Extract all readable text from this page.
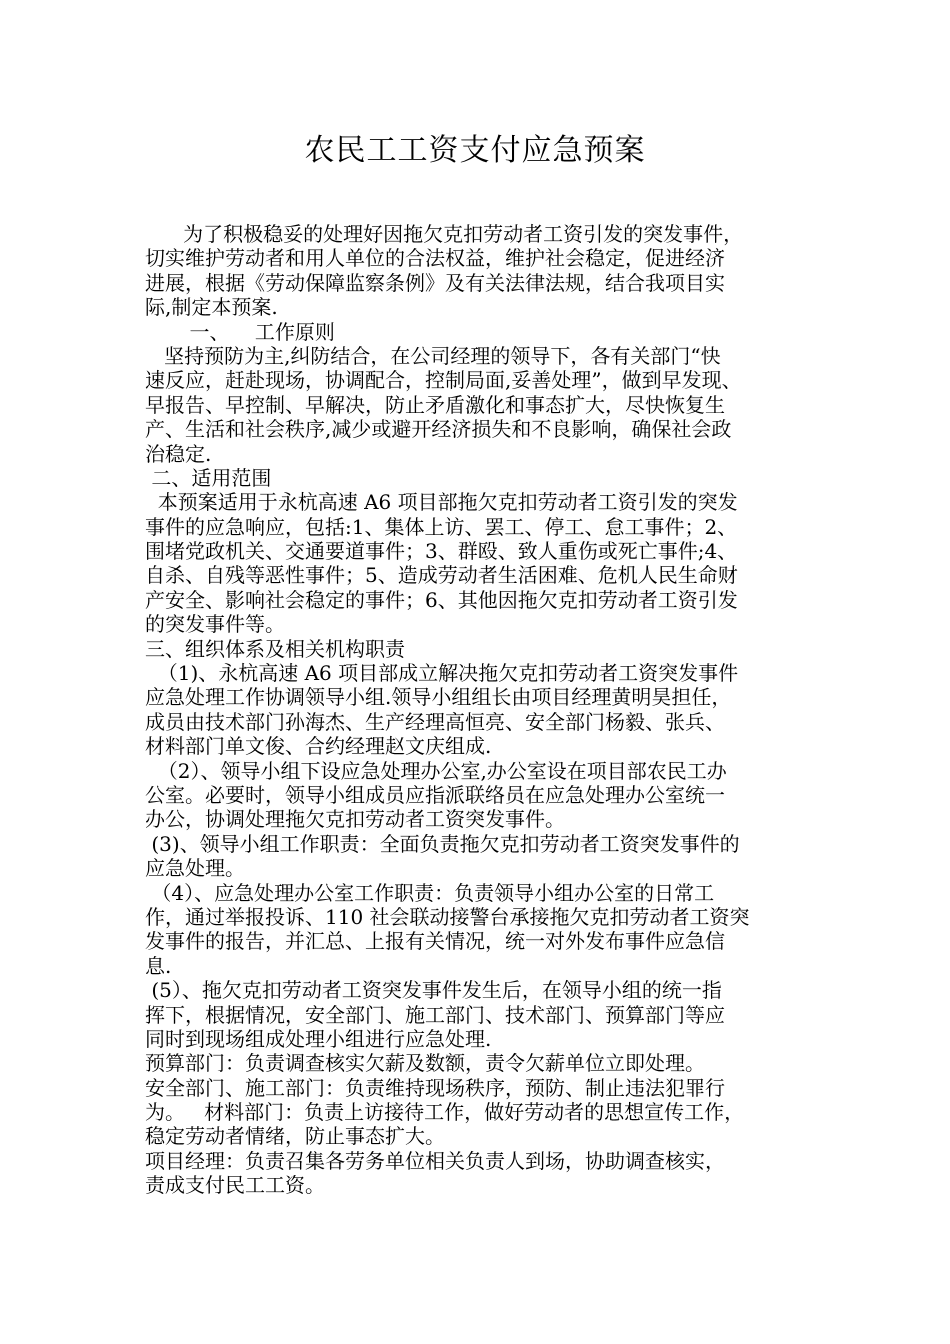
农民工工资支付应急预案
为了积极稳妥的处理好因拖欠克扣劳动者工资引发的突发事件，
切实维护劳动者和用人单位的合法权益，维护社会稳定，促进经济
进展，根据《劳动保障监察条例》及有关法律法规，结合我项目实
际,制定本预案.
一、    工作原则
坚持预防为主,纠防结合，在公司经理的领导下，各有关部门“快
速反应，赶赴现场，协调配合，控制局面,妥善处理”，做到早发现、
早报告、早控制、早解决，防止矛盾激化和事态扩大，尽快恢复生
产、生活和社会秩序,减少或避开经济损失和不良影响，确保社会政
治稳定.
二、适用范围
本预案适用于永杭高速 A6 项目部拖欠克扣劳动者工资引发的突发
事件的应急响应，包括:1、集体上访、罢工、停工、怠工事件；2、
围堵党政机关、交通要道事件；3、群殴、致人重伤或死亡事件;4、
自杀、自残等恶性事件；5、造成劳动者生活困难、危机人民生命财
产安全、影响社会稳定的事件；6、其他因拖欠克扣劳动者工资引发
的突发事件等。
三、组织体系及相关机构职责
（1)、永杭高速 A6 项目部成立解决拖欠克扣劳动者工资突发事件
应急处理工作协调领导小组.领导小组组长由项目经理黄明昊担任，
成员由技术部门孙海杰、生产经理高恒亮、安全部门杨毅、张兵、
材料部门单文俊、合约经理赵文庆组成.
（2）、领导小组下设应急处理办公室,办公室设在项目部农民工办
公室。必要时，领导小组成员应指派联络员在应急处理办公室统一
办公，协调处理拖欠克扣劳动者工资突发事件。
(3)、领导小组工作职责：全面负责拖欠克扣劳动者工资突发事件的
应急处理。
（4）、应急处理办公室工作职责：负责领导小组办公室的日常工
作，通过举报投诉、110 社会联动接警台承接拖欠克扣劳动者工资突
发事件的报告，并汇总、上报有关情况，统一对外发布事件应急信
息.
(5）、拖欠克扣劳动者工资突发事件发生后，在领导小组的统一指
挥下，根据情况，安全部门、施工部门、技术部门、预算部门等应
同时到现场组成处理小组进行应急处理.
预算部门：负责调查核实欠薪及数额，责令欠薪单位立即处理。
安全部门、施工部门：负责维持现场秩序，预防、制止违法犯罪行
为。   材料部门：负责上访接待工作，做好劳动者的思想宣传工作，
稳定劳动者情绪，防止事态扩大。
项目经理：负责召集各劳务单位相关负责人到场，协助调查核实，
责成支付民工工资。
